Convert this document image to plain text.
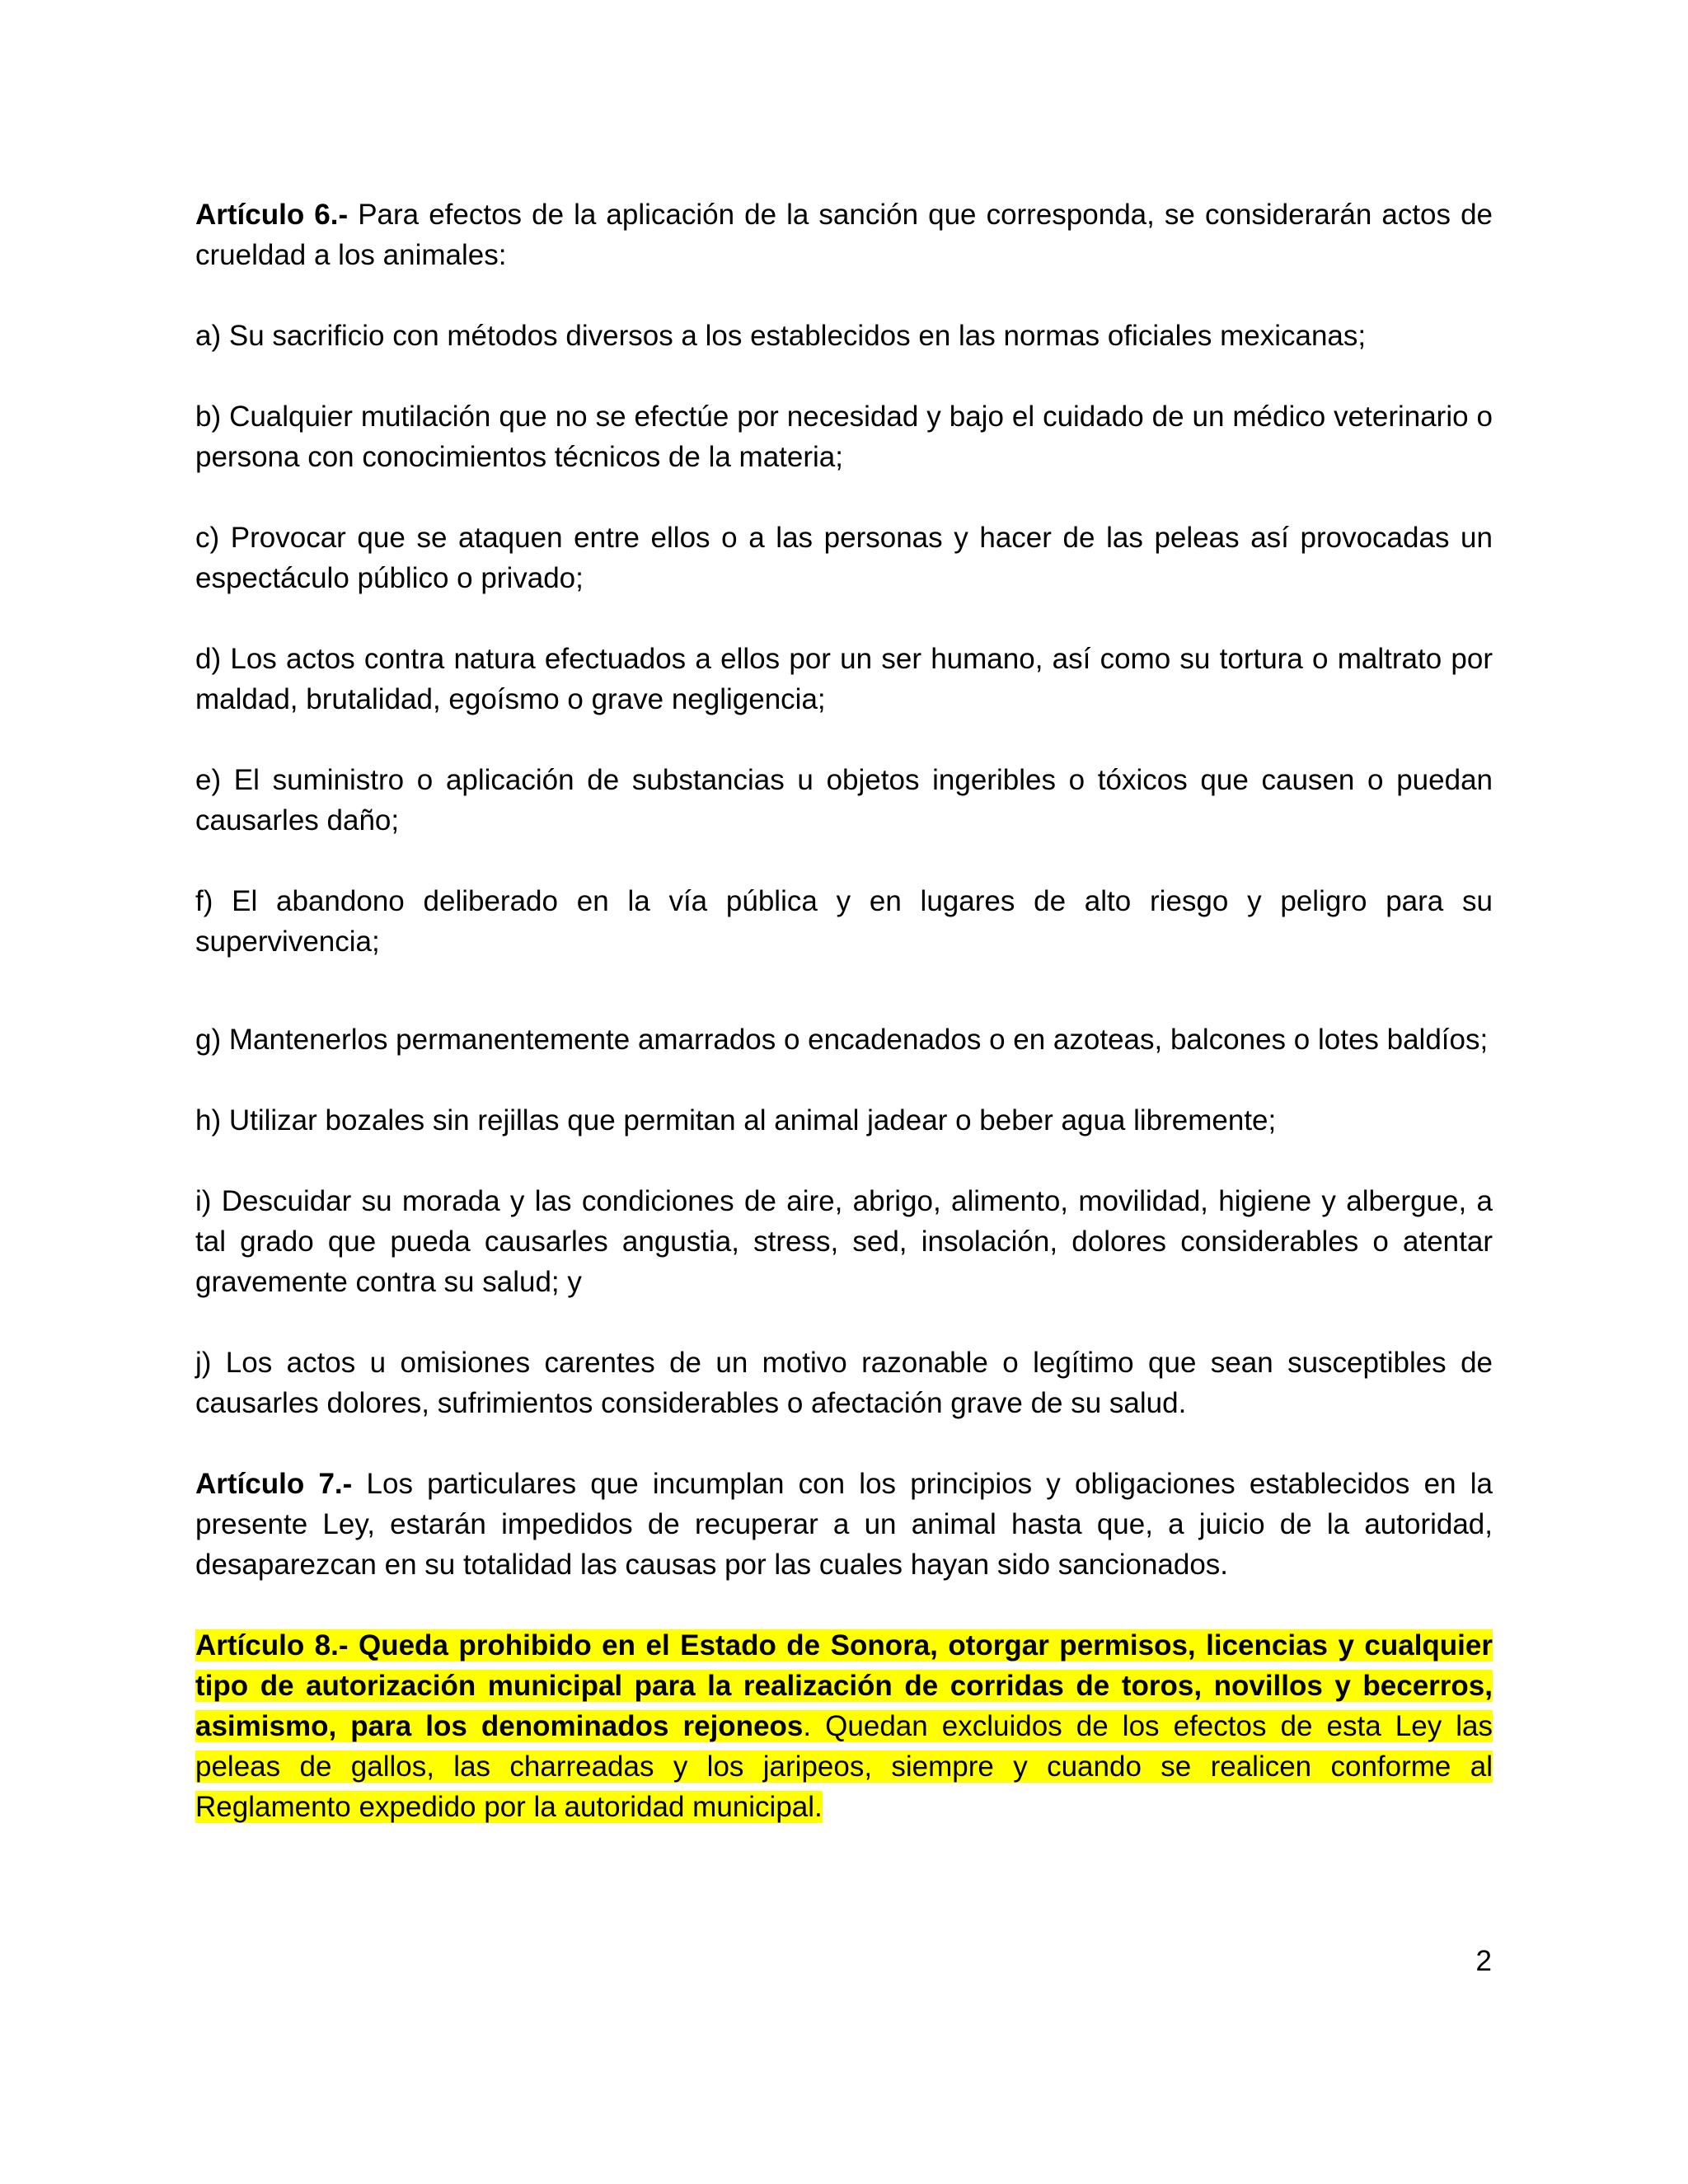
Artículo 6.- Para efectos de la aplicación de la sanción que corresponda, se considerarán actos de crueldad a los animales:

a) Su sacrificio con métodos diversos a los establecidos en las normas oficiales mexicanas;

b) Cualquier mutilación que no se efectúe por necesidad y bajo el cuidado de un médico veterinario o persona con conocimientos técnicos de la materia;

c) Provocar que se ataquen entre ellos o a las personas y hacer de las peleas así provocadas un espectáculo público o privado;

d) Los actos contra natura efectuados a ellos por un ser humano, así como su tortura o maltrato por maldad, brutalidad, egoísmo o grave negligencia;

e) El suministro o aplicación de substancias u objetos ingeribles o tóxicos que causen o puedan causarles daño;

f) El abandono deliberado en la vía pública y en lugares de alto riesgo y peligro para su supervivencia;

g) Mantenerlos permanentemente amarrados o encadenados o en azoteas, balcones o lotes baldíos;

h) Utilizar bozales sin rejillas que permitan al animal jadear o beber agua libremente;

i) Descuidar su morada y las condiciones de aire, abrigo, alimento, movilidad, higiene y albergue, a tal grado que pueda causarles angustia, stress, sed, insolación, dolores considerables o atentar gravemente contra su salud; y

j) Los actos u omisiones carentes de un motivo razonable o legítimo que sean susceptibles de causarles dolores, sufrimientos considerables o afectación grave de su salud.

Artículo 7.- Los particulares que incumplan con los principios y obligaciones establecidos en la presente Ley, estarán impedidos de recuperar a un animal hasta que, a juicio de la autoridad, desaparezcan en su totalidad las causas por las cuales hayan sido sancionados.

Artículo 8.- Queda prohibido en el Estado de Sonora, otorgar permisos, licencias y cualquier tipo de autorización municipal para la realización de corridas de toros, novillos y becerros, asimismo, para los denominados rejoneos. Quedan excluidos de los efectos de esta Ley las peleas de gallos, las charreadas y los jaripeos, siempre y cuando se realicen conforme al Reglamento expedido por la autoridad municipal.

2
